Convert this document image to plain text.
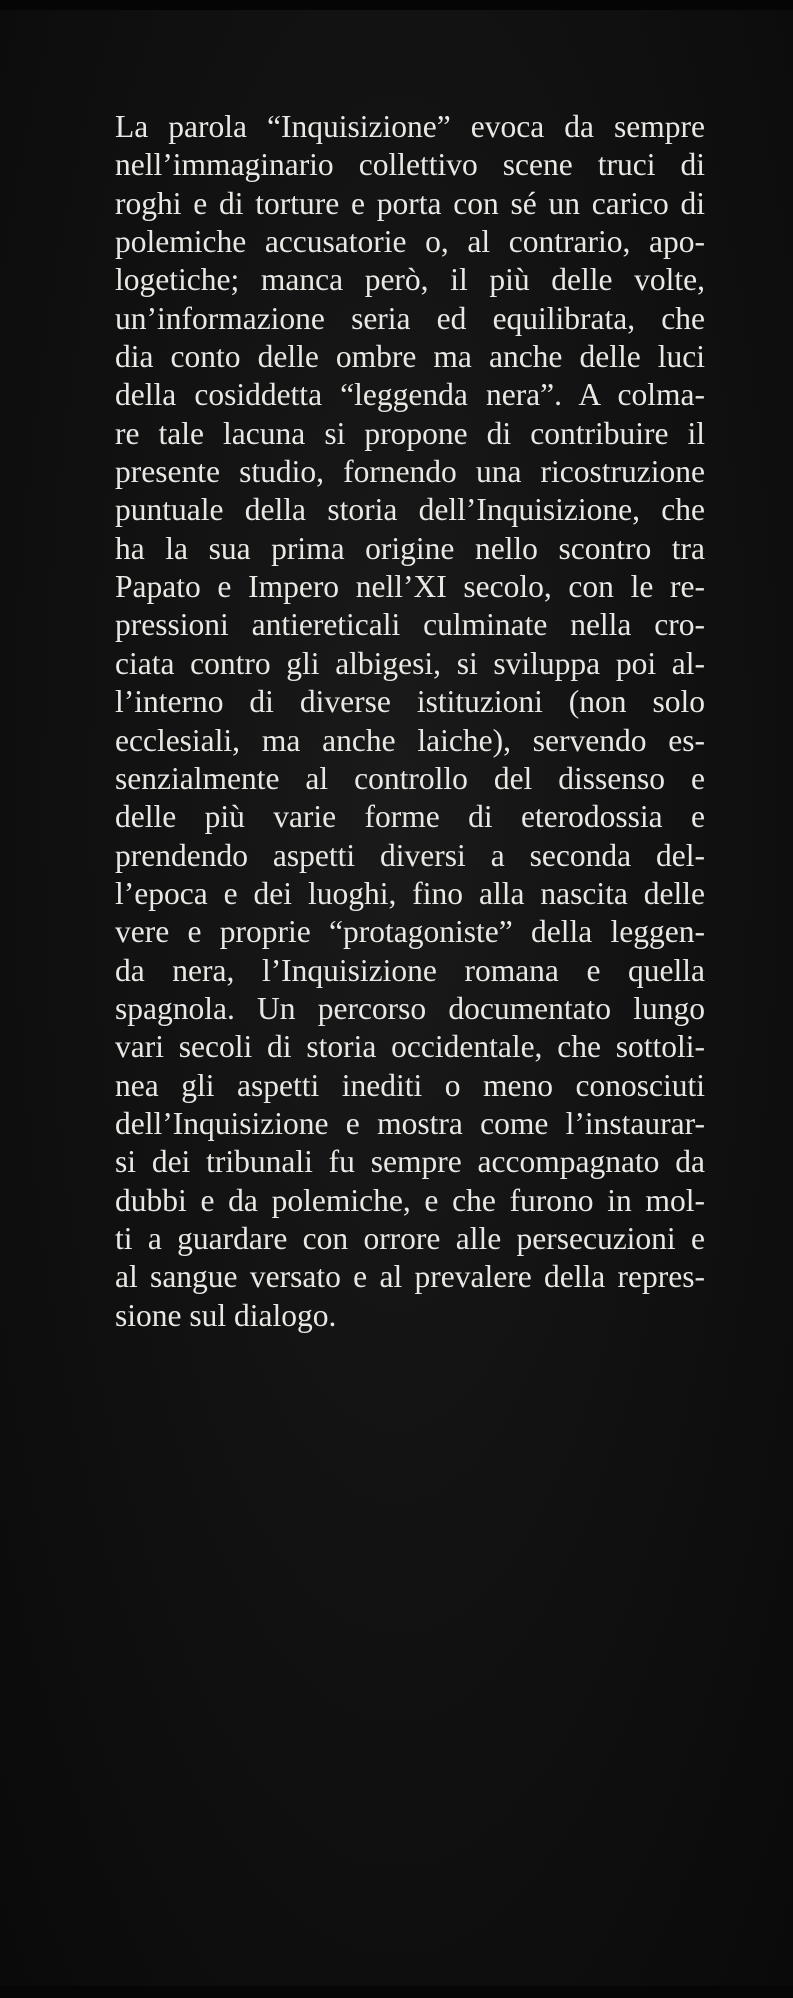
La parola “Inquisizione” evoca da sempre
nell’immaginario collettivo scene truci di
roghi e di torture e porta con sé un carico di
polemiche accusatorie o, al contrario, apo-
logetiche; manca però, il più delle volte,
un’informazione seria ed equilibrata, che
dia conto delle ombre ma anche delle luci
della cosiddetta “leggenda nera”. A colma-
re tale lacuna si propone di contribuire il
presente studio, fornendo una ricostruzione
puntuale della storia dell’Inquisizione, che
ha la sua prima origine nello scontro tra
Papato e Impero nell’XI secolo, con le re-
pressioni antiereticali culminate nella cro-
ciata contro gli albigesi, si sviluppa poi al-
l’interno di diverse istituzioni (non solo
ecclesiali, ma anche laiche), servendo es-
senzialmente al controllo del dissenso e
delle più varie forme di eterodossia e
prendendo aspetti diversi a seconda del-
l’epoca e dei luoghi, fino alla nascita delle
vere e proprie “protagoniste” della leggen-
da nera, l’Inquisizione romana e quella
spagnola. Un percorso documentato lungo
vari secoli di storia occidentale, che sottoli-
nea gli aspetti inediti o meno conosciuti
dell’Inquisizione e mostra come l’instaurar-
si dei tribunali fu sempre accompagnato da
dubbi e da polemiche, e che furono in mol-
ti a guardare con orrore alle persecuzioni e
al sangue versato e al prevalere della repres-
sione sul dialogo.
